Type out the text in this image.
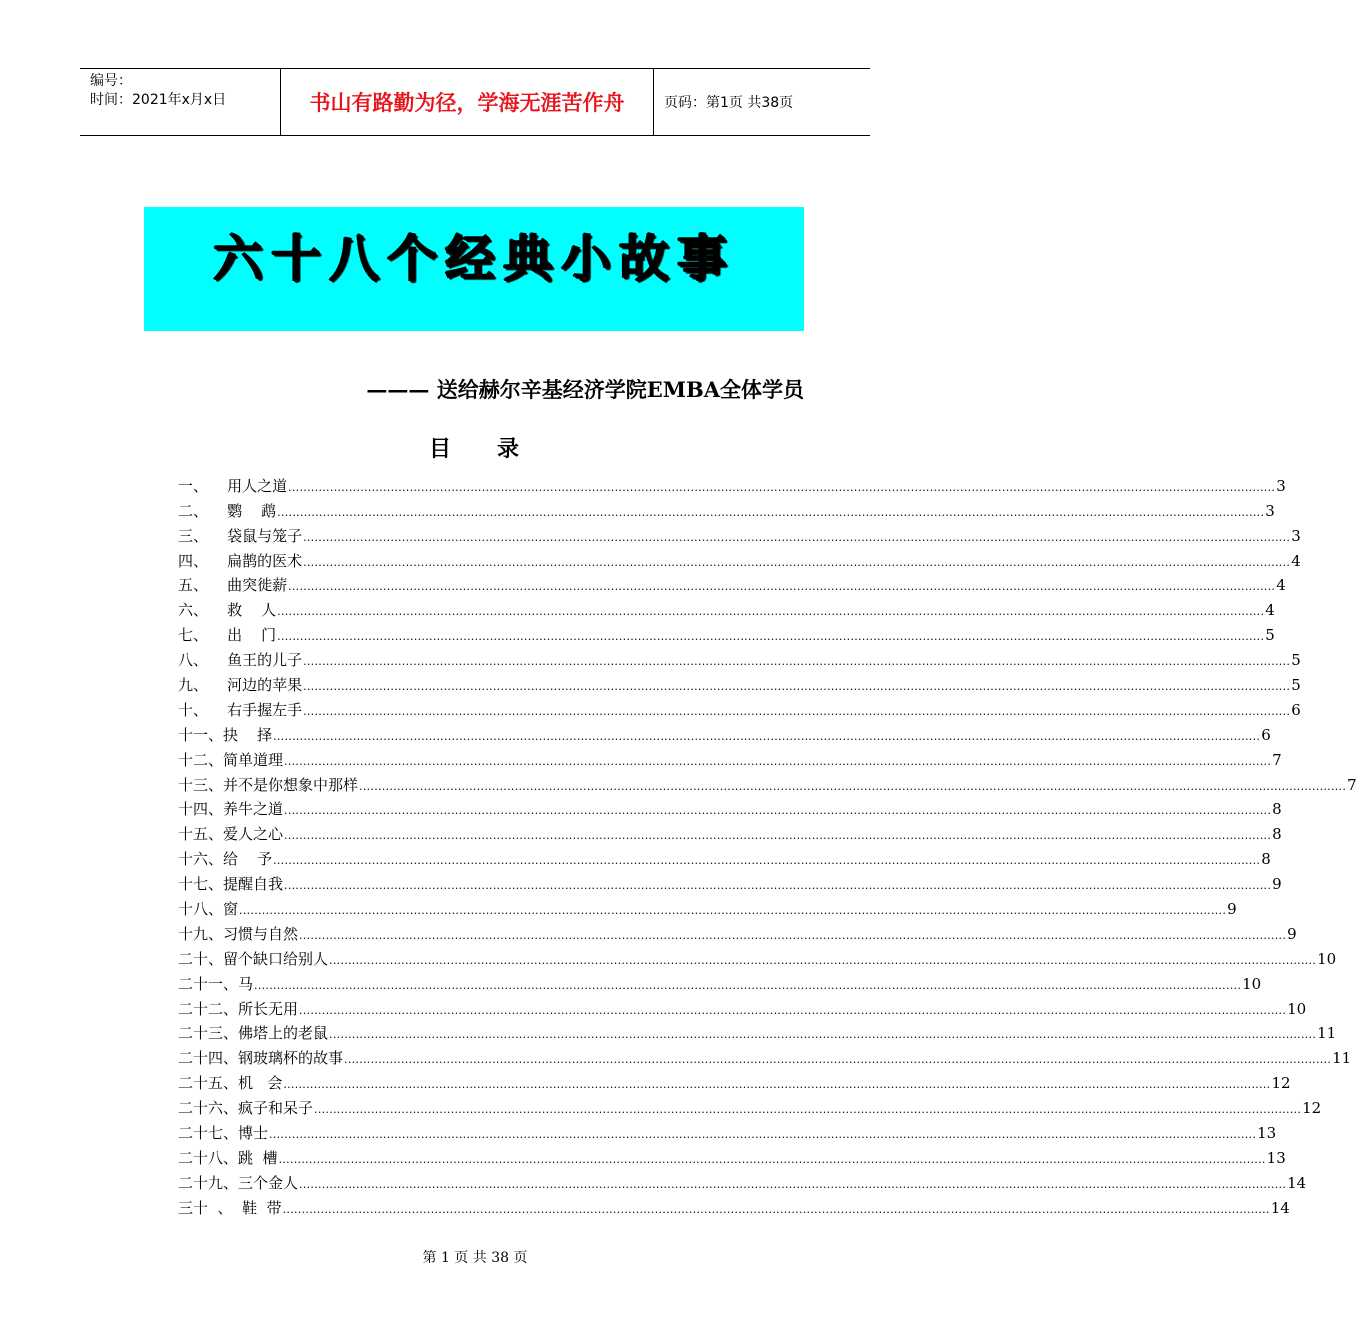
编号：
时间：2021年x月x日	书山有路勤为径，学海无涯苦作舟	页码：第1页 共38页
六十八个经典小故事
——— 送给赫尔辛基经济学院EMBA全体学员
目 录
一、 用人之道 .................................................................................................................................................................................................................................................................... 3
二、 鹦    鹉 .................................................................................................................................................................................................................................................................... 3
三、 袋鼠与笼子 .................................................................................................................................................................................................................................................................... 3
四、 扁鹊的医术 .................................................................................................................................................................................................................................................................... 4
五、 曲突徙薪 .................................................................................................................................................................................................................................................................... 4
六、 救    人 .................................................................................................................................................................................................................................................................... 4
七、 出    门 .................................................................................................................................................................................................................................................................... 5
八、 鱼王的儿子 .................................................................................................................................................................................................................................................................... 5
九、 河边的苹果 .................................................................................................................................................................................................................................................................... 5
十、 右手握左手 .................................................................................................................................................................................................................................................................... 6
十一、 抉    择 .................................................................................................................................................................................................................................................................... 6
十二、 简单道理 .................................................................................................................................................................................................................................................................... 7
十三、 并不是你想象中那样 .................................................................................................................................................................................................................................................................... 7
十四、 养牛之道 .................................................................................................................................................................................................................................................................... 8
十五、 爱人之心 .................................................................................................................................................................................................................................................................... 8
十六、 给    予 .................................................................................................................................................................................................................................................................... 8
十七、 提醒自我 .................................................................................................................................................................................................................................................................... 9
十八、 窗 .................................................................................................................................................................................................................................................................... 9
十九、 习惯与自然 .................................................................................................................................................................................................................................................................... 9
二十、 留个缺口给别人 .................................................................................................................................................................................................................................................................... 10
二十一、 马 .................................................................................................................................................................................................................................................................... 10
二十二、 所长无用 .................................................................................................................................................................................................................................................................... 10
二十三、 佛塔上的老鼠 .................................................................................................................................................................................................................................................................... 11
二十四、 钢玻璃杯的故事 .................................................................................................................................................................................................................................................................... 11
二十五、 机   会 .................................................................................................................................................................................................................................................................... 12
二十六、 疯子和呆子 .................................................................................................................................................................................................................................................................... 12
二十七、 博士 .................................................................................................................................................................................................................................................................... 13
二十八、 跳  槽 .................................................................................................................................................................................................................................................................... 13
二十九、 三个金人 .................................................................................................................................................................................................................................................................... 14
三十  、 鞋  带 .................................................................................................................................................................................................................................................................... 14
第 1 页 共 38 页
